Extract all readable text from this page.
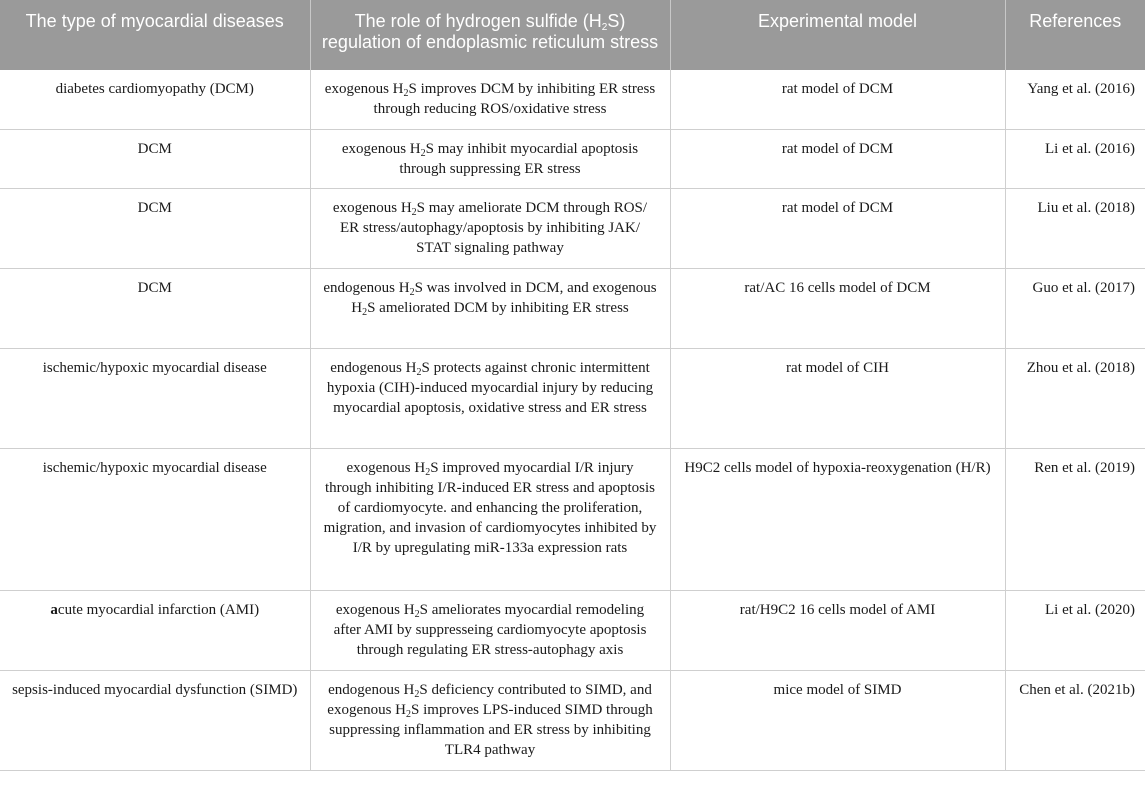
The type of myocardial diseases	The role of hydrogen sulfide $(H_2S)$ regulation of endoplasmic reticulum stress	Experimental model	References
diabetes cardiomyopathy (DCM)	exogenous $H_2S$ improves DCM by inhibiting ER stress through reducing ROS/oxidative stress	rat model of DCM	Yang et al. (2016)
DCM	exogenous $H_2S$ may inhibit myocardial apoptosis through suppressing ER stress	rat model of DCM	Li et al. (2016)
DCM	exogenous $H_2S$ may ameliorate DCM through ROS/ ER stress/autophagy/apoptosis by inhibiting JAK/ STAT signaling pathway	rat model of DCM	Liu et al. (2018)
DCM	endogenous $H_2S$ was involved in DCM, and exogenous $H_2S$ ameliorated DCM by inhibiting ER stress	rat/AC 16 cells model of DCM	Guo et al. (2017)
ischemic/hypoxic myocardial disease	endogenous $H_2S$ protects against chronic intermittent hypoxia (CIH)-induced myocardial injury by reducing myocardial apoptosis, oxidative stress and ER stress	rat model of CIH	Zhou et al. (2018)
ischemic/hypoxic myocardial disease	exogenous $H_2S$ improved myocardial I/R injury through inhibiting I/R-induced ER stress and apoptosis of cardiomyocyte. and enhancing the proliferation, migration, and invasion of cardiomyocytes inhibited by I/R by upregulating miR-133a expression rats	H9C2 cells model of hypoxia-reoxygenation (H/R)	Ren et al. (2019)
acute myocardial infarction (AMI)	exogenous $H_2S$ ameliorates myocardial remodeling after AMI by suppresseing cardiomyocyte apoptosis through regulating ER stress-autophagy axis	rat/H9C2 16 cells model of AMI	Li et al. (2020)
sepsis-induced myocardial dysfunction (SIMD)	endogenous $H_2S$ deficiency contributed to SIMD, and exogenous $H_2S$ improves LPS-induced SIMD through suppressing inflammation and ER stress by inhibiting TLR4 pathway	mice model of SIMD	Chen et al. (2021b)
